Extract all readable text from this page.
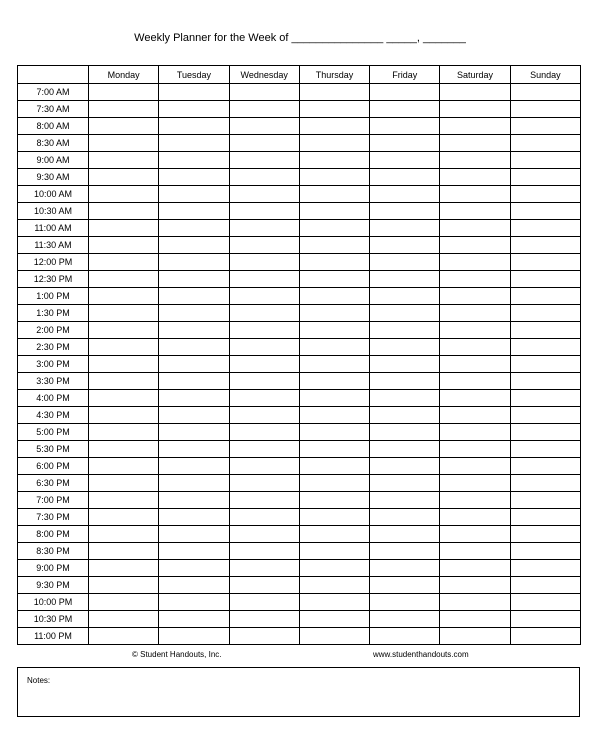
Weekly Planner for the Week of _______________ _____, _______
	Monday	Tuesday	Wednesday	Thursday	Friday	Saturday	Sunday
7:00 AM							
7:30 AM							
8:00 AM							
8:30 AM							
9:00 AM							
9:30 AM							
10:00 AM							
10:30 AM							
11:00 AM							
11:30 AM							
12:00 PM							
12:30 PM							
1:00 PM							
1:30 PM							
2:00 PM							
2:30 PM							
3:00 PM							
3:30 PM							
4:00 PM							
4:30 PM							
5:00 PM							
5:30 PM							
6:00 PM							
6:30 PM							
7:00 PM							
7:30 PM							
8:00 PM							
8:30 PM							
9:00 PM							
9:30 PM							
10:00 PM							
10:30 PM							
11:00 PM							
© Student Handouts, Inc.	www.studenthandouts.com
Notes:
